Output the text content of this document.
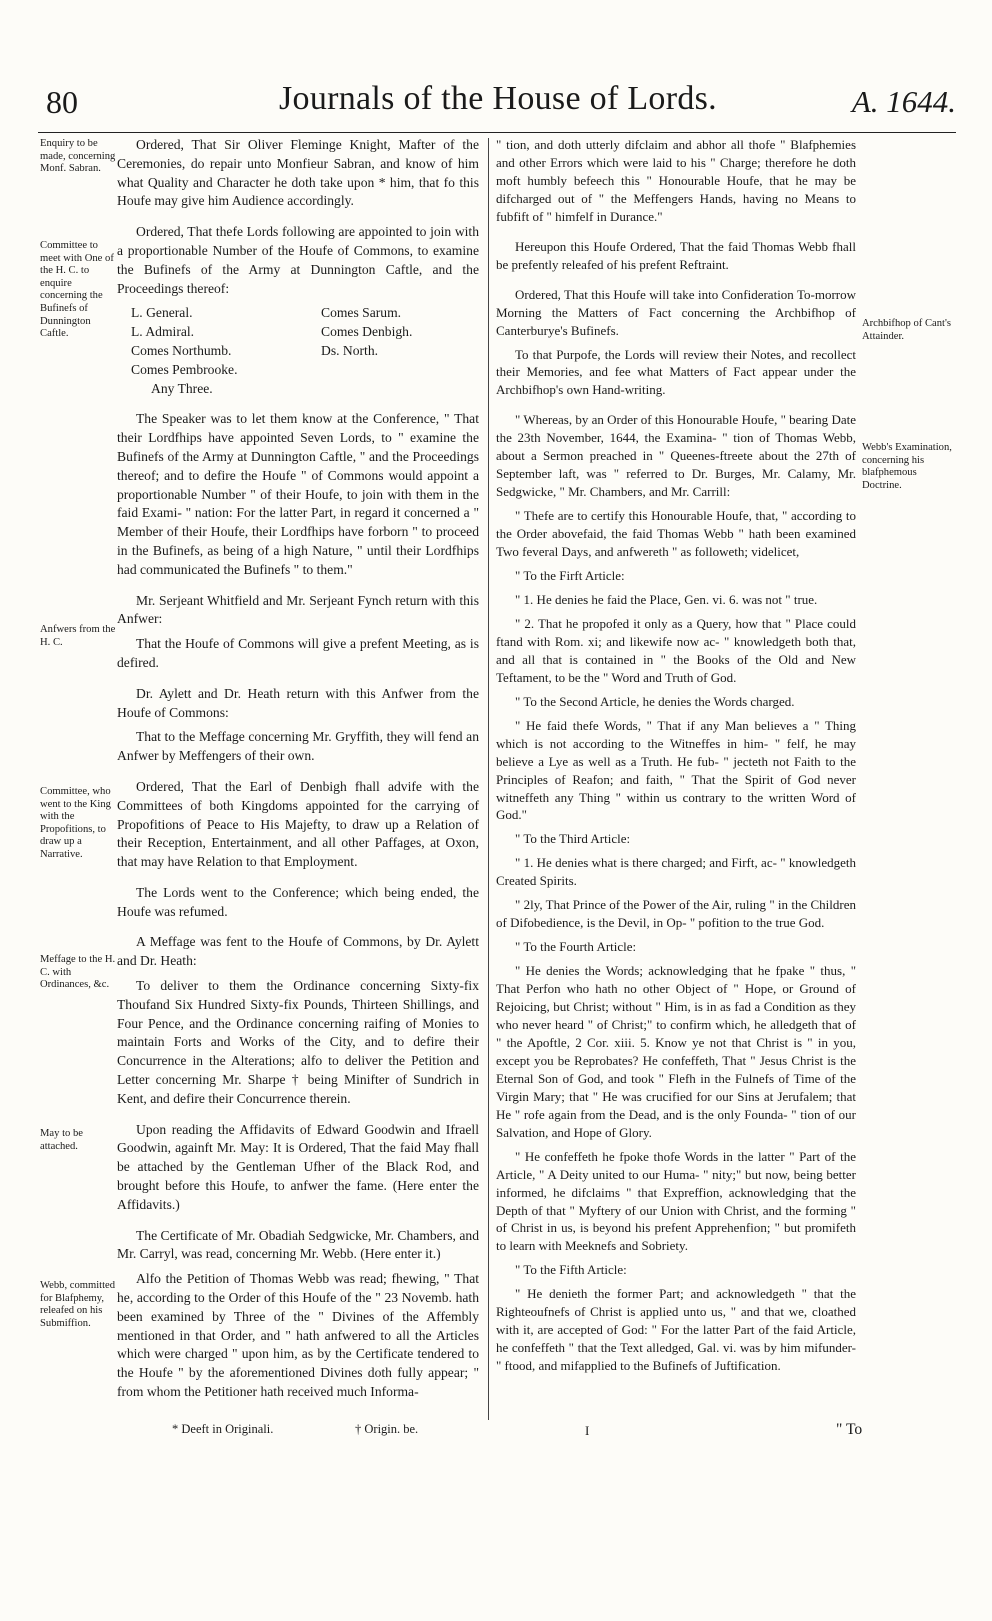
80	Journals of the House of Lords.	A. 1644.
Enquiry to be made, concerning Monf. Sabran.
Committee to meet with One of the H. C. to enquire concerning the Bufinefs of Dunnington Caftle.
Anfwers from the H. C.
Committee, who went to the King with the Propofitions, to draw up a Narrative.
Meffage to the H. C. with Ordinances, &c.
May to be attached.
Webb, committed for Blafphemy, releafed on his Submiffion.
Archbifhop of Cant's Attainder.
Webb's Examination, concerning his blafphemous Doctrine.

Ordered, That Sir Oliver Fleminge Knight, Mafter of the Ceremonies, do repair unto Monfieur Sabran, and know of him what Quality and Character he doth take upon * him, that fo this Houfe may give him Audience accordingly.

Ordered, That thefe Lords following are appointed to join with a proportionable Number of the Houfe of Commons, to examine the Bufinefs of the Army at Dunnington Caftle, and the Proceedings thereof:

L. General.	Comes Sarum.
L. Admiral.	Comes Denbigh.
Comes Northumb.	Ds. North.
Comes Pembrooke.
Any Three.

The Speaker was to let them know at the Conference, " That their Lordfhips have appointed Seven Lords, to " examine the Bufinefs of the Army at Dunnington Caftle, " and the Proceedings thereof; and to defire the Houfe " of Commons would appoint a proportionable Number " of their Houfe, to join with them in the faid Exami- " nation: For the latter Part, in regard it concerned a " Member of their Houfe, their Lordfhips have forborn " to proceed in the Bufinefs, as being of a high Nature, " until their Lordfhips had communicated the Bufinefs " to them."

Mr. Serjeant Whitfield and Mr. Serjeant Fynch return with this Anfwer:

That the Houfe of Commons will give a prefent Meeting, as is defired.

Dr. Aylett and Dr. Heath return with this Anfwer from the Houfe of Commons:

That to the Meffage concerning Mr. Gryffith, they will fend an Anfwer by Meffengers of their own.

Ordered, That the Earl of Denbigh fhall advife with the Committees of both Kingdoms appointed for the carrying of Propofitions of Peace to His Majefty, to draw up a Relation of their Reception, Entertainment, and all other Paffages, at Oxon, that may have Relation to that Employment.

The Lords went to the Conference; which being ended, the Houfe was refumed.

A Meffage was fent to the Houfe of Commons, by Dr. Aylett and Dr. Heath:

To deliver to them the Ordinance concerning Sixty-fix Thoufand Six Hundred Sixty-fix Pounds, Thirteen Shillings, and Four Pence, and the Ordinance concerning raifing of Monies to maintain Forts and Works of the City, and to defire their Concurrence in the Alterations; alfo to deliver the Petition and Letter concerning Mr. Sharpe † being Minifter of Sundrich in Kent, and defire their Concurrence therein.

Upon reading the Affidavits of Edward Goodwin and Ifraell Goodwin, againft Mr. May: It is Ordered, That the faid May fhall be attached by the Gentleman Ufher of the Black Rod, and brought before this Houfe, to anfwer the fame. (Here enter the Affidavits.)

The Certificate of Mr. Obadiah Sedgwicke, Mr. Chambers, and Mr. Carryl, was read, concerning Mr. Webb. (Here enter it.)

Alfo the Petition of Thomas Webb was read; fhewing, " That he, according to the Order of this Houfe of the " 23 Novemb. hath been examined by Three of the " Divines of the Affembly mentioned in that Order, and " hath anfwered to all the Articles which were charged " upon him, as by the Certificate tendered to the Houfe " by the aforementioned Divines doth fully appear; " from whom the Petitioner hath received much Informa-

" tion, and doth utterly difclaim and abhor all thofe " Blafphemies and other Errors which were laid to his " Charge; therefore he doth moft humbly befeech this " Honourable Houfe, that he may be difcharged out of " the Meffengers Hands, having no Means to fubfift of " himfelf in Durance."

Hereupon this Houfe Ordered, That the faid Thomas Webb fhall be prefently releafed of his prefent Reftraint.

Ordered, That this Houfe will take into Confideration To-morrow Morning the Matters of Fact concerning the Archbifhop of Canterburye's Bufinefs.

To that Purpofe, the Lords will review their Notes, and recollect their Memories, and fee what Matters of Fact appear under the Archbifhop's own Hand-writing.

" Whereas, by an Order of this Honourable Houfe, " bearing Date the 23th November, 1644, the Examina- " tion of Thomas Webb, about a Sermon preached in " Queenes-ftreete about the 27th of September laft, was " referred to Dr. Burges, Mr. Calamy, Mr. Sedgwicke, " Mr. Chambers, and Mr. Carrill:

" Thefe are to certify this Honourable Houfe, that, " according to the Order abovefaid, the faid Thomas Webb " hath been examined Two feveral Days, and anfwereth " as followeth; videlicet,

" To the Firft Article:

" 1. He denies he faid the Place, Gen. vi. 6. was not " true.

" 2. That he propofed it only as a Query, how that " Place could ftand with Rom. xi; and likewife now ac- " knowledgeth both that, and all that is contained in " the Books of the Old and New Teftament, to be the " Word and Truth of God.

" To the Second Article, he denies the Words charged.

" He faid thefe Words, " That if any Man believes a " Thing which is not according to the Witneffes in him- " felf, he may believe a Lye as well as a Truth. He fub- " jecteth not Faith to the Principles of Reafon; and faith, " That the Spirit of God never witneffeth any Thing " within us contrary to the written Word of God."

" To the Third Article:

" 1. He denies what is there charged; and Firft, ac- " knowledgeth Created Spirits.

" 2ly, That Prince of the Power of the Air, ruling " in the Children of Difobedience, is the Devil, in Op- " pofition to the true God.

" To the Fourth Article:

" He denies the Words; acknowledging that he fpake " thus, " That Perfon who hath no other Object of " Hope, or Ground of Rejoicing, but Christ; without " Him, is in as fad a Condition as they who never heard " of Christ;" to confirm which, he alledgeth that of " the Apoftle, 2 Cor. xiii. 5. Know ye not that Christ is " in you, except you be Reprobates? He confeffeth, That " Jesus Christ is the Eternal Son of God, and took " Flefh in the Fulnefs of Time of the Virgin Mary; that " He was crucified for our Sins at Jerufalem; that He " rofe again from the Dead, and is the only Founda- " tion of our Salvation, and Hope of Glory.

" He confeffeth he fpoke thofe Words in the latter " Part of the Article, " A Deity united to our Huma- " nity;" but now, being better informed, he difclaims " that Expreffion, acknowledging that the Depth of that " Myftery of our Union with Christ, and the forming " of Christ in us, is beyond his prefent Apprehenfion; " but promifeth to learn with Meeknefs and Sobriety.

" To the Fifth Article:

" He denieth the former Part; and acknowledgeth " that the Righteoufnefs of Christ is applied unto us, " and that we, cloathed with it, are accepted of God: " For the latter Part of the faid Article, he confeffeth " that the Text alledged, Gal. vi. was by him mifunder- " ftood, and mifapplied to the Bufinefs of Juftification.

* Deeft in Originali.	† Origin. be.	I	" To
